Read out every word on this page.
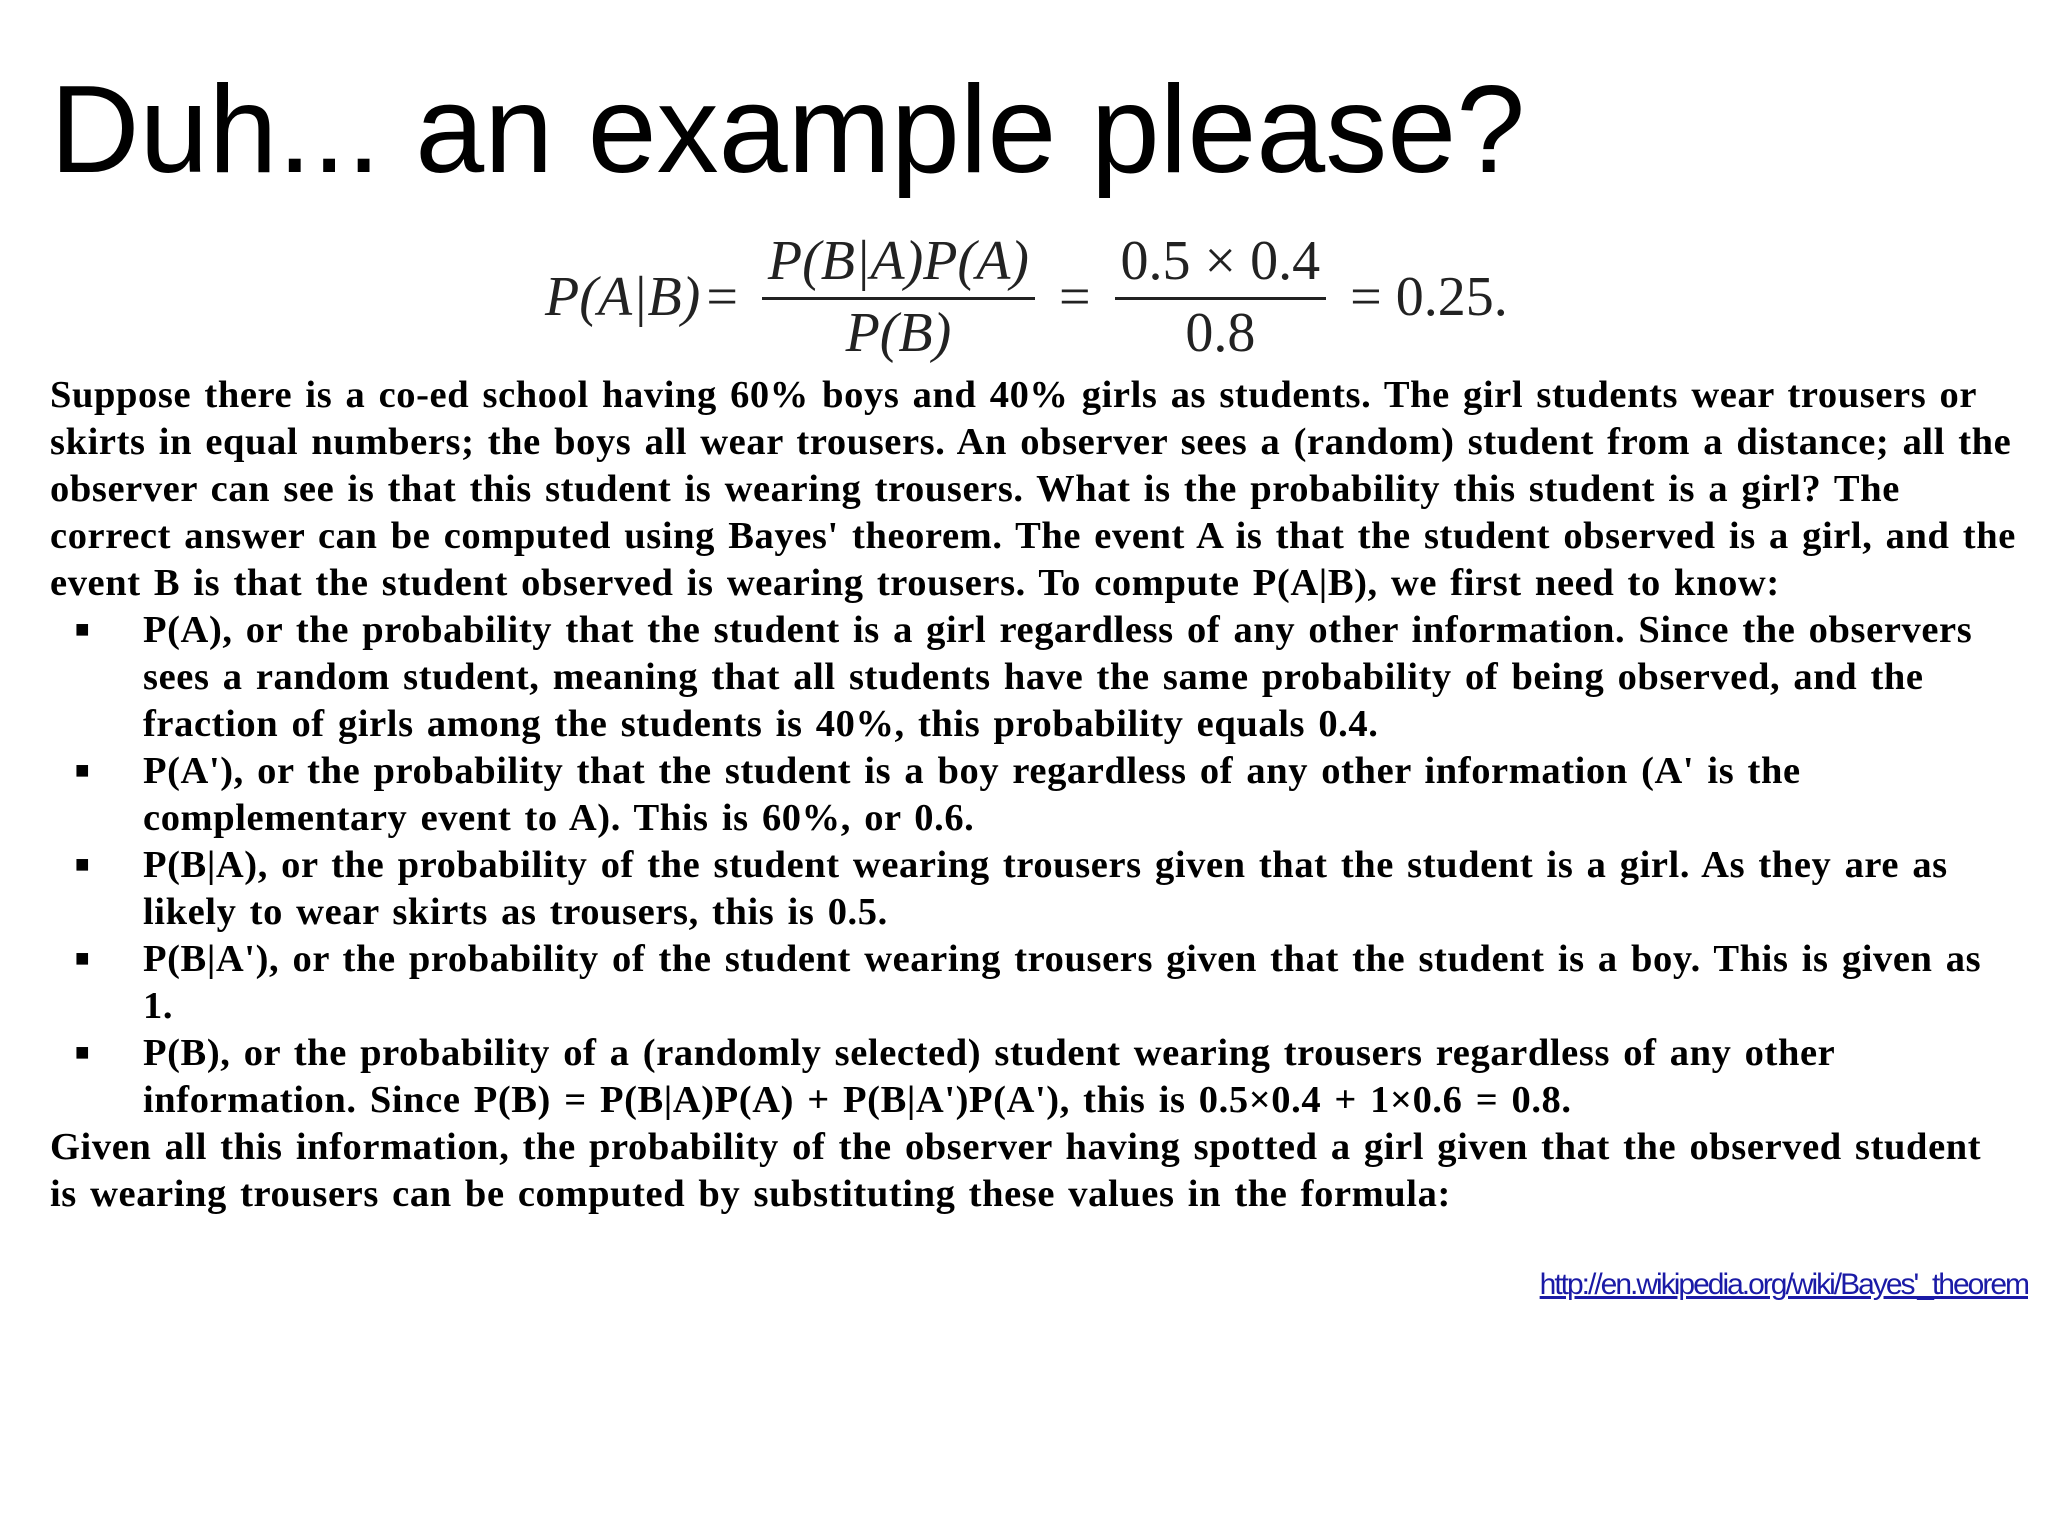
Duh... an example please?
$P(A|B) = \frac{P(B|A)P(A)}{P(B)} = \frac{0.5 \times 0.4}{0.8} = 0.25$.

Suppose there is a co-ed school having 60% boys and 40% girls as students. The girl students wear trousers or skirts in equal numbers; the boys all wear trousers. An observer sees a (random) student from a distance; all the observer can see is that this student is wearing trousers. What is the probability this student is a girl? The correct answer can be computed using Bayes' theorem. The event A is that the student observed is a girl, and the event B is that the student observed is wearing trousers. To compute P(A|B), we first need to know:

■ P(A), or the probability that the student is a girl regardless of any other information. Since the observers sees a random student, meaning that all students have the same probability of being observed, and the fraction of girls among the students is 40%, this probability equals 0.4.
■ P(A'), or the probability that the student is a boy regardless of any other information (A' is the complementary event to A). This is 60%, or 0.6.
■ P(B|A), or the probability of the student wearing trousers given that the student is a girl. As they are as likely to wear skirts as trousers, this is 0.5.
■ P(B|A'), or the probability of the student wearing trousers given that the student is a boy. This is given as 1.
■ P(B), or the probability of a (randomly selected) student wearing trousers regardless of any other information. Since P(B) = P(B|A)P(A) + P(B|A')P(A'), this is 0.5×0.4 + 1×0.6 = 0.8.

Given all this information, the probability of the observer having spotted a girl given that the observed student is wearing trousers can be computed by substituting these values in the formula:

http://en.wikipedia.org/wiki/Bayes'_theorem
